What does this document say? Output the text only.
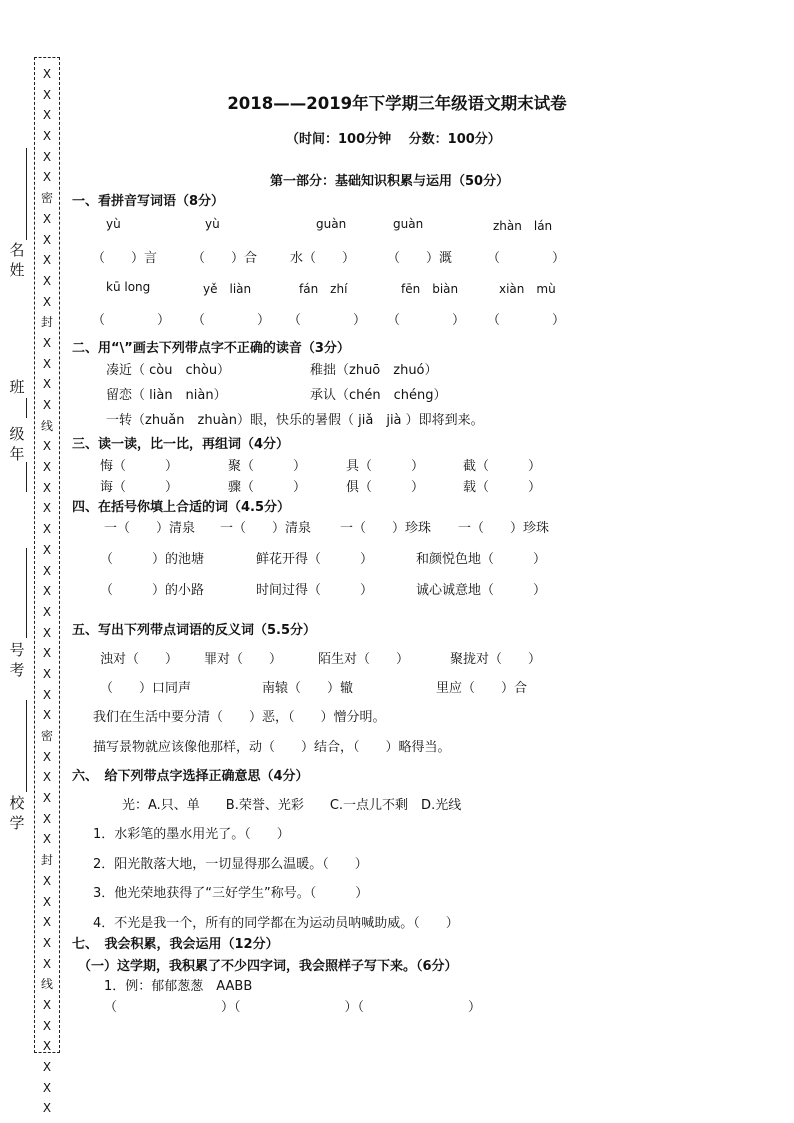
X
X
X
X
X
X
密
X
X
X
X
X
封
X
X
X
X
线
X
X
X
X
X
X
X
X
X
X
X
X
X
X
密
X
X
X
X
X
封
X
X
X
X
X
线
X
X
X
X
X
X
名
姓
班
级
年
号
考
校
学
2018——2019年下学期三年级语文期末试卷
（时间：100分钟　 分数：100分）
第一部分：基础知识积累与运用（50分）
一、看拼音写词语（8分）
yù	yù	guàn	guàn	zhàn　lán
（　　）言	（　　）合	水（　　） （　　）溉	（　　　　）
kū long	yě　liàn	fán　zhí	fēn　biàn	xiàn　mù
（　　　　） （　　　　） （　　　　） （　　　　） （　　　　）
二、用“\”画去下列带点字不正确的读音（3分）
凑近（ còu　chòu）	稚拙（zhuō　zhuó）
留恋（ liàn　niàn）	承认（chén　chéng）
一转（zhuǎn　zhuàn）眼，快乐的暑假（ jiǎ　jià ）即将到来。
三、读一读，比一比，再组词（4分）
悔（　　　）	聚（　　　）	具（　　　）	截（　　　）
诲（　　　）	骤（　　　）	俱（　　　）	载（　　　）
四、在括号你填上合适的词（4.5分）
一（　　）清泉 一（　　）清泉 一（　　）珍珠 一（　　）珍珠
（　　　）的池塘	鲜花开得（　　　）	和颜悦色地（　　　）
（　　　）的小路	时间过得（　　　）	诚心诚意地（　　　）
五、写出下列带点词语的反义词（5.5分）
浊对（　　） 罪对（　　）	陌生对（　　）	聚拢对（　　）
（　　）口同声	南辕（　　）辙	里应（　　）合
我们在生活中要分清（　　）恶，（　　）憎分明。
描写景物就应该像他那样，动（　　）结合，（　　）略得当。
六、　给下列带点字选择正确意思（4分）
光：A.只、单　　B.荣誉、光彩　　C.一点儿不剩　D.光线
1．水彩笔的墨水用光了。（　　）
2．阳光散落大地，一切显得那么温暖。（　　）
3．他光荣地获得了“三好学生”称号。（　　　）
4．不光是我一个，所有的同学都在为运动员呐喊助威。（　　）
七、　我会积累，我会运用（12分）
（一）这学期，我积累了不少四字词，我会照样子写下来。（6分）
1．例：郁郁葱葱　AABB
（　　　　　　　　）（　　　　　　　　）（　　　　　　　　）
